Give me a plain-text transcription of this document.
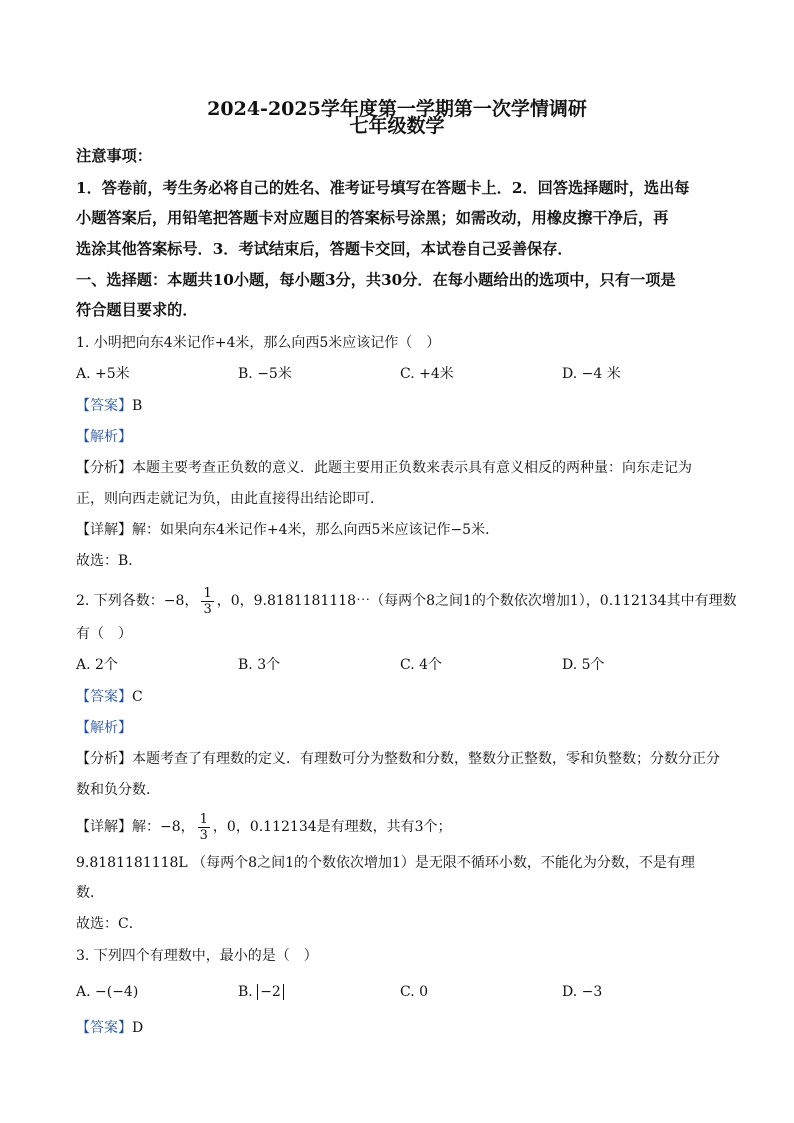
2024-2025学年度第一学期第一次学情调研
七年级数学
注意事项：
1．答卷前，考生务必将自己的姓名、准考证号填写在答题卡上．2．回答选择题时，选出每
小题答案后，用铅笔把答题卡对应题目的答案标号涂黑；如需改动，用橡皮擦干净后，再
选涂其他答案标号．3．考试结束后，答题卡交回，本试卷自己妥善保存．
一、选择题：本题共10小题，每小题3分，共30分．在每小题给出的选项中，只有一项是
符合题目要求的．
1. 小明把向东4米记作+4米，那么向西5米应该记作（　）
A. +5米	B. −5米	C. +4米	D. −4 米
【答案】B
【解析】
【分析】本题主要考查正负数的意义．此题主要用正负数来表示具有意义相反的两种量：向东走记为
正，则向西走就记为负，由此直接得出结论即可．
【详解】解：如果向东4米记作+4米，那么向西5米应该记作−5米．
故选：B．
2. 下列各数：−8， $\frac{1}{3}$ ，0，9.8181181118⋯（每两个8之间1的个数依次增加1），0.112134其中有理数
有（　）
A. 2个	B. 3个	C. 4个	D. 5个
【答案】C
【解析】
【分析】本题考查了有理数的定义．有理数可分为整数和分数，整数分正整数，零和负整数；分数分正分
数和负分数．
【详解】解：−8， $\frac{1}{3}$ ，0，0.112134是有理数，共有3个；
9.8181181118L （每两个8之间1的个数依次增加1）是无限不循环小数，不能化为分数，不是有理
数．
故选：C．
3. 下列四个有理数中，最小的是（　）
A. −(−4)	B. −2	C. 0	D. −3
【答案】D
